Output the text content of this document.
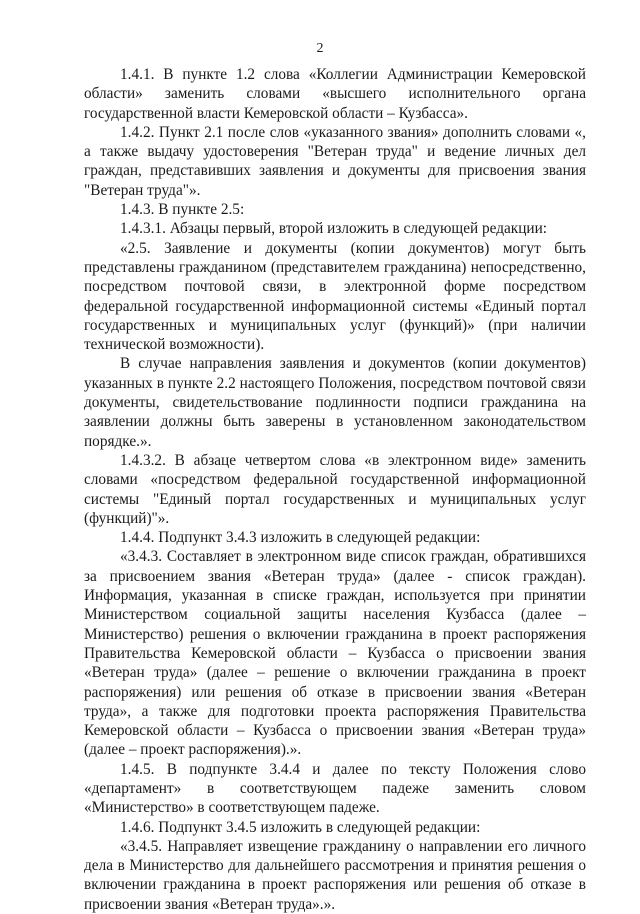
2

1.4.1. В пункте 1.2 слова «Коллегии Администрации Кемеровской области» заменить словами «высшего исполнительного органа государственной власти Кемеровской области – Кузбасса».

1.4.2. Пункт 2.1 после слов «указанного звания» дополнить словами «, а также выдачу удостоверения "Ветеран труда" и ведение личных дел граждан, представивших заявления и документы для присвоения звания "Ветеран труда"».

1.4.3. В пункте 2.5:

1.4.3.1. Абзацы первый, второй изложить в следующей редакции:

«2.5. Заявление и документы (копии документов) могут быть представлены гражданином (представителем гражданина) непосредственно, посредством почтовой связи, в электронной форме посредством федеральной государственной информационной системы «Единый портал государственных и муниципальных услуг (функций)» (при наличии технической возможности).

В случае направления заявления и документов (копии документов) указанных в пункте 2.2 настоящего Положения, посредством почтовой связи документы, свидетельствование подлинности подписи гражданина на заявлении должны быть заверены в установленном законодательством порядке.».

1.4.3.2. В абзаце четвертом слова «в электронном виде» заменить словами «посредством федеральной государственной информационной системы "Единый портал государственных и муниципальных услуг (функций)"».

1.4.4. Подпункт 3.4.3 изложить в следующей редакции:

«3.4.3. Составляет в электронном виде список граждан, обратившихся за присвоением звания «Ветеран труда» (далее - список граждан). Информация, указанная в списке граждан, используется при принятии Министерством социальной защиты населения Кузбасса (далее – Министерство) решения о включении гражданина в проект распоряжения Правительства Кемеровской области – Кузбасса о присвоении звания «Ветеран труда» (далее – решение о включении гражданина в проект распоряжения) или решения об отказе в присвоении звания «Ветеран труда», а также для подготовки проекта распоряжения Правительства Кемеровской области – Кузбасса о присвоении звания «Ветеран труда» (далее – проект распоряжения).».

1.4.5. В подпункте 3.4.4 и далее по тексту Положения слово «департамент» в соответствующем падеже заменить словом «Министерство» в соответствующем падеже.

1.4.6. Подпункт 3.4.5 изложить в следующей редакции:

«3.4.5. Направляет извещение гражданину о направлении его личного дела в Министерство для дальнейшего рассмотрения и принятия решения о включении гражданина в проект распоряжения или решения об отказе в присвоении звания «Ветеран труда».».
